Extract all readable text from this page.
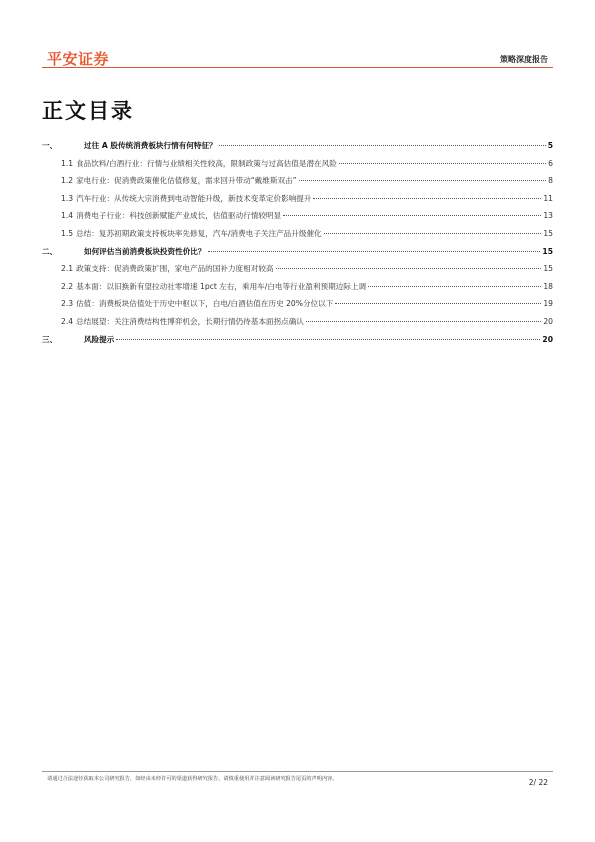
平安证券	策略深度报告
正文目录
一、	过往 A 股传统消费板块行情有何特征？	5
1.1 食品饮料/白酒行业：行情与业绩相关性较高，限制政策与过高估值是潜在风险	6
1.2 家电行业：促消费政策催化估值修复，需求回升带动“戴维斯双击”	8
1.3 汽车行业：从传统大宗消费到电动智能升级，新技术变革定价影响提升	11
1.4 消费电子行业：科技创新赋能产业成长，估值驱动行情较明显	13
1.5 总结：复苏初期政策支持板块率先修复，汽车/消费电子关注产品升级催化	15
二、	如何评估当前消费板块投资性价比？	15
2.1 政策支持：促消费政策扩围，家电产品的国补力度相对较高	15
2.2 基本面：以旧换新有望拉动社零增速 1pct 左右，乘用车/白电等行业盈利预期边际上调	18
2.3 估值：消费板块估值处于历史中枢以下，白电/白酒估值在历史 20%分位以下	19
2.4 总结展望：关注消费结构性博弈机会，长期行情仍待基本面拐点确认	20
三、	风险提示	20
请通过合法途径获取本公司研究报告，如经由未经许可的渠道获得研究报告，请慎重使用并注意阅读研究报告尾页的声明内容。	2/ 22
